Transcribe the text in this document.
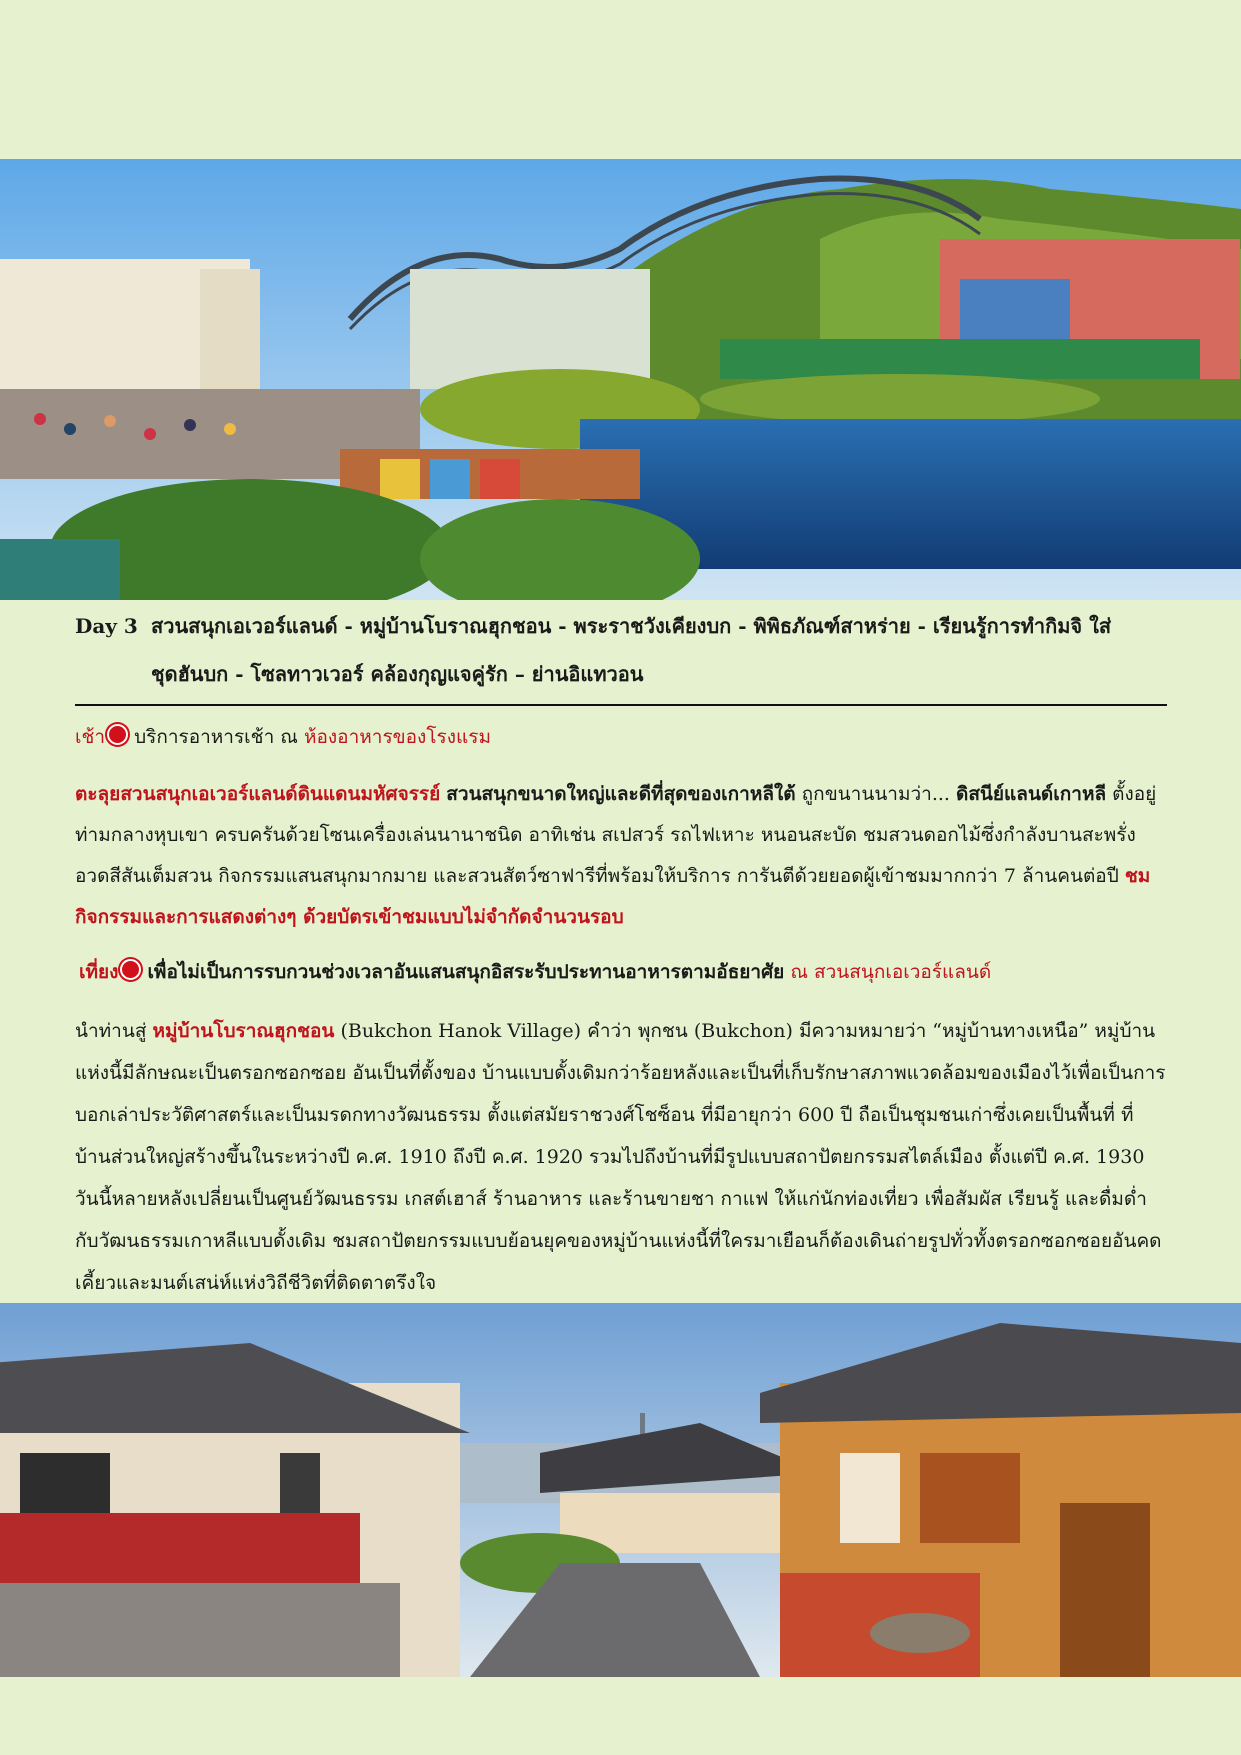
Day 3 สวนสนุกเอเวอร์แลนด์ - หมู่บ้านโบราณฮุกชอน - พระราชวังเคียงบก - พิพิธภัณฑ์สาหร่าย - เรียนรู้การทำกิมจิ ใส่
ชุดฮันบก - โซลทาวเวอร์ คล้องกุญแจคู่รัก – ย่านอิแทวอน
เช้า บริการอาหารเช้า ณ ห้องอาหารของโรงแรม
ตะลุยสวนสนุกเอเวอร์แลนด์ดินแดนมหัศจรรย์ สวนสนุกขนาดใหญ่และดีที่สุดของเกาหลีใต้ ถูกขนานนามว่า... ดิสนีย์แลนด์เกาหลี ตั้งอยู่ท่ามกลางหุบเขา ครบครันด้วยโซนเครื่องเล่นนานาชนิด อาทิเช่น สเปสวร์ รถไฟเหาะ หนอนสะบัด ชมสวนดอกไม้ซึ่งกำลังบานสะพรั่งอวดสีสันเต็มสวน กิจกรรมแสนสนุกมากมาย และสวนสัตว์ซาฟารีที่พร้อมให้บริการ การันตีด้วยยอดผู้เข้าชมมากกว่า 7 ล้านคนต่อปี ชมกิจกรรมและการแสดงต่างๆ ด้วยบัตรเข้าชมแบบไม่จำกัดจำนวนรอบ
เที่ยง เพื่อไม่เป็นการรบกวนช่วงเวลาอันแสนสนุกอิสระรับประทานอาหารตามอัธยาศัย ณ สวนสนุกเอเวอร์แลนด์
นำท่านสู่ หมู่บ้านโบราณฮุกชอน (Bukchon Hanok Village) คำว่า พุกชน (Bukchon) มีความหมายว่า “หมู่บ้านทางเหนือ” หมู่บ้านแห่งนี้มีลักษณะเป็นตรอกซอกซอย อันเป็นที่ตั้งของ บ้านแบบดั้งเดิมกว่าร้อยหลังและเป็นที่เก็บรักษาสภาพแวดล้อมของเมืองไว้เพื่อเป็นการบอกเล่าประวัติศาสตร์และเป็นมรดกทางวัฒนธรรม ตั้งแต่สมัยราชวงศ์โชซ็อน ที่มีอายุกว่า 600 ปี ถือเป็นชุมชนเก่าซึ่งเคยเป็นพื้นที่ ที่ บ้านส่วนใหญ่สร้างขึ้นในระหว่างปี ค.ศ. 1910 ถึงปี ค.ศ. 1920 รวมไปถึงบ้านที่มีรูปแบบสถาปัตยกรรมสไตล์เมือง ตั้งแต่ปี ค.ศ. 1930 วันนี้หลายหลังเปลี่ยนเป็นศูนย์วัฒนธรรม เกสต์เฮาส์ ร้านอาหาร และร้านขายชา กาแฟ ให้แก่นักท่องเที่ยว เพื่อสัมผัส เรียนรู้ และดื่มด่ำกับวัฒนธรรมเกาหลีแบบดั้งเดิม ชมสถาปัตยกรรมแบบย้อนยุคของหมู่บ้านแห่งนี้ที่ใครมาเยือนก็ต้องเดินถ่ายรูปทั่วทั้งตรอกซอกซอยอันคดเคี้ยวและมนต์เสน่ห์แห่งวิถีชีวิตที่ติดตาตรึงใจ
